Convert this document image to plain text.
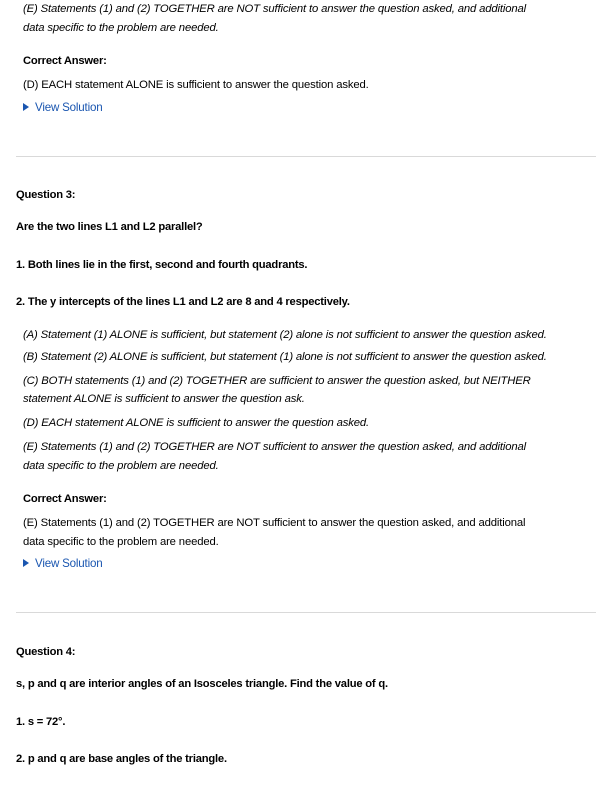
(E) Statements (1) and (2) TOGETHER are NOT sufficient to answer the question asked, and additional
data specific to the problem are needed.
Correct Answer:
(D) EACH statement ALONE is sufficient to answer the question asked.
View Solution
Question 3:
Are the two lines L1 and L2 parallel?
1. Both lines lie in the first, second and fourth quadrants.
2. The y intercepts of the lines L1 and L2 are 8 and 4 respectively.
(A) Statement (1) ALONE is sufficient, but statement (2) alone is not sufficient to answer the question asked.
(B) Statement (2) ALONE is sufficient, but statement (1) alone is not sufficient to answer the question asked.
(C) BOTH statements (1) and (2) TOGETHER are sufficient to answer the question asked, but NEITHER
statement ALONE is sufficient to answer the question ask.
(D) EACH statement ALONE is sufficient to answer the question asked.
(E) Statements (1) and (2) TOGETHER are NOT sufficient to answer the question asked, and additional
data specific to the problem are needed.
Correct Answer:
(E) Statements (1) and (2) TOGETHER are NOT sufficient to answer the question asked, and additional
data specific to the problem are needed.
View Solution
Question 4:
s, p and q are interior angles of an Isosceles triangle. Find the value of q.
1. s = 72°.
2. p and q are base angles of the triangle.
